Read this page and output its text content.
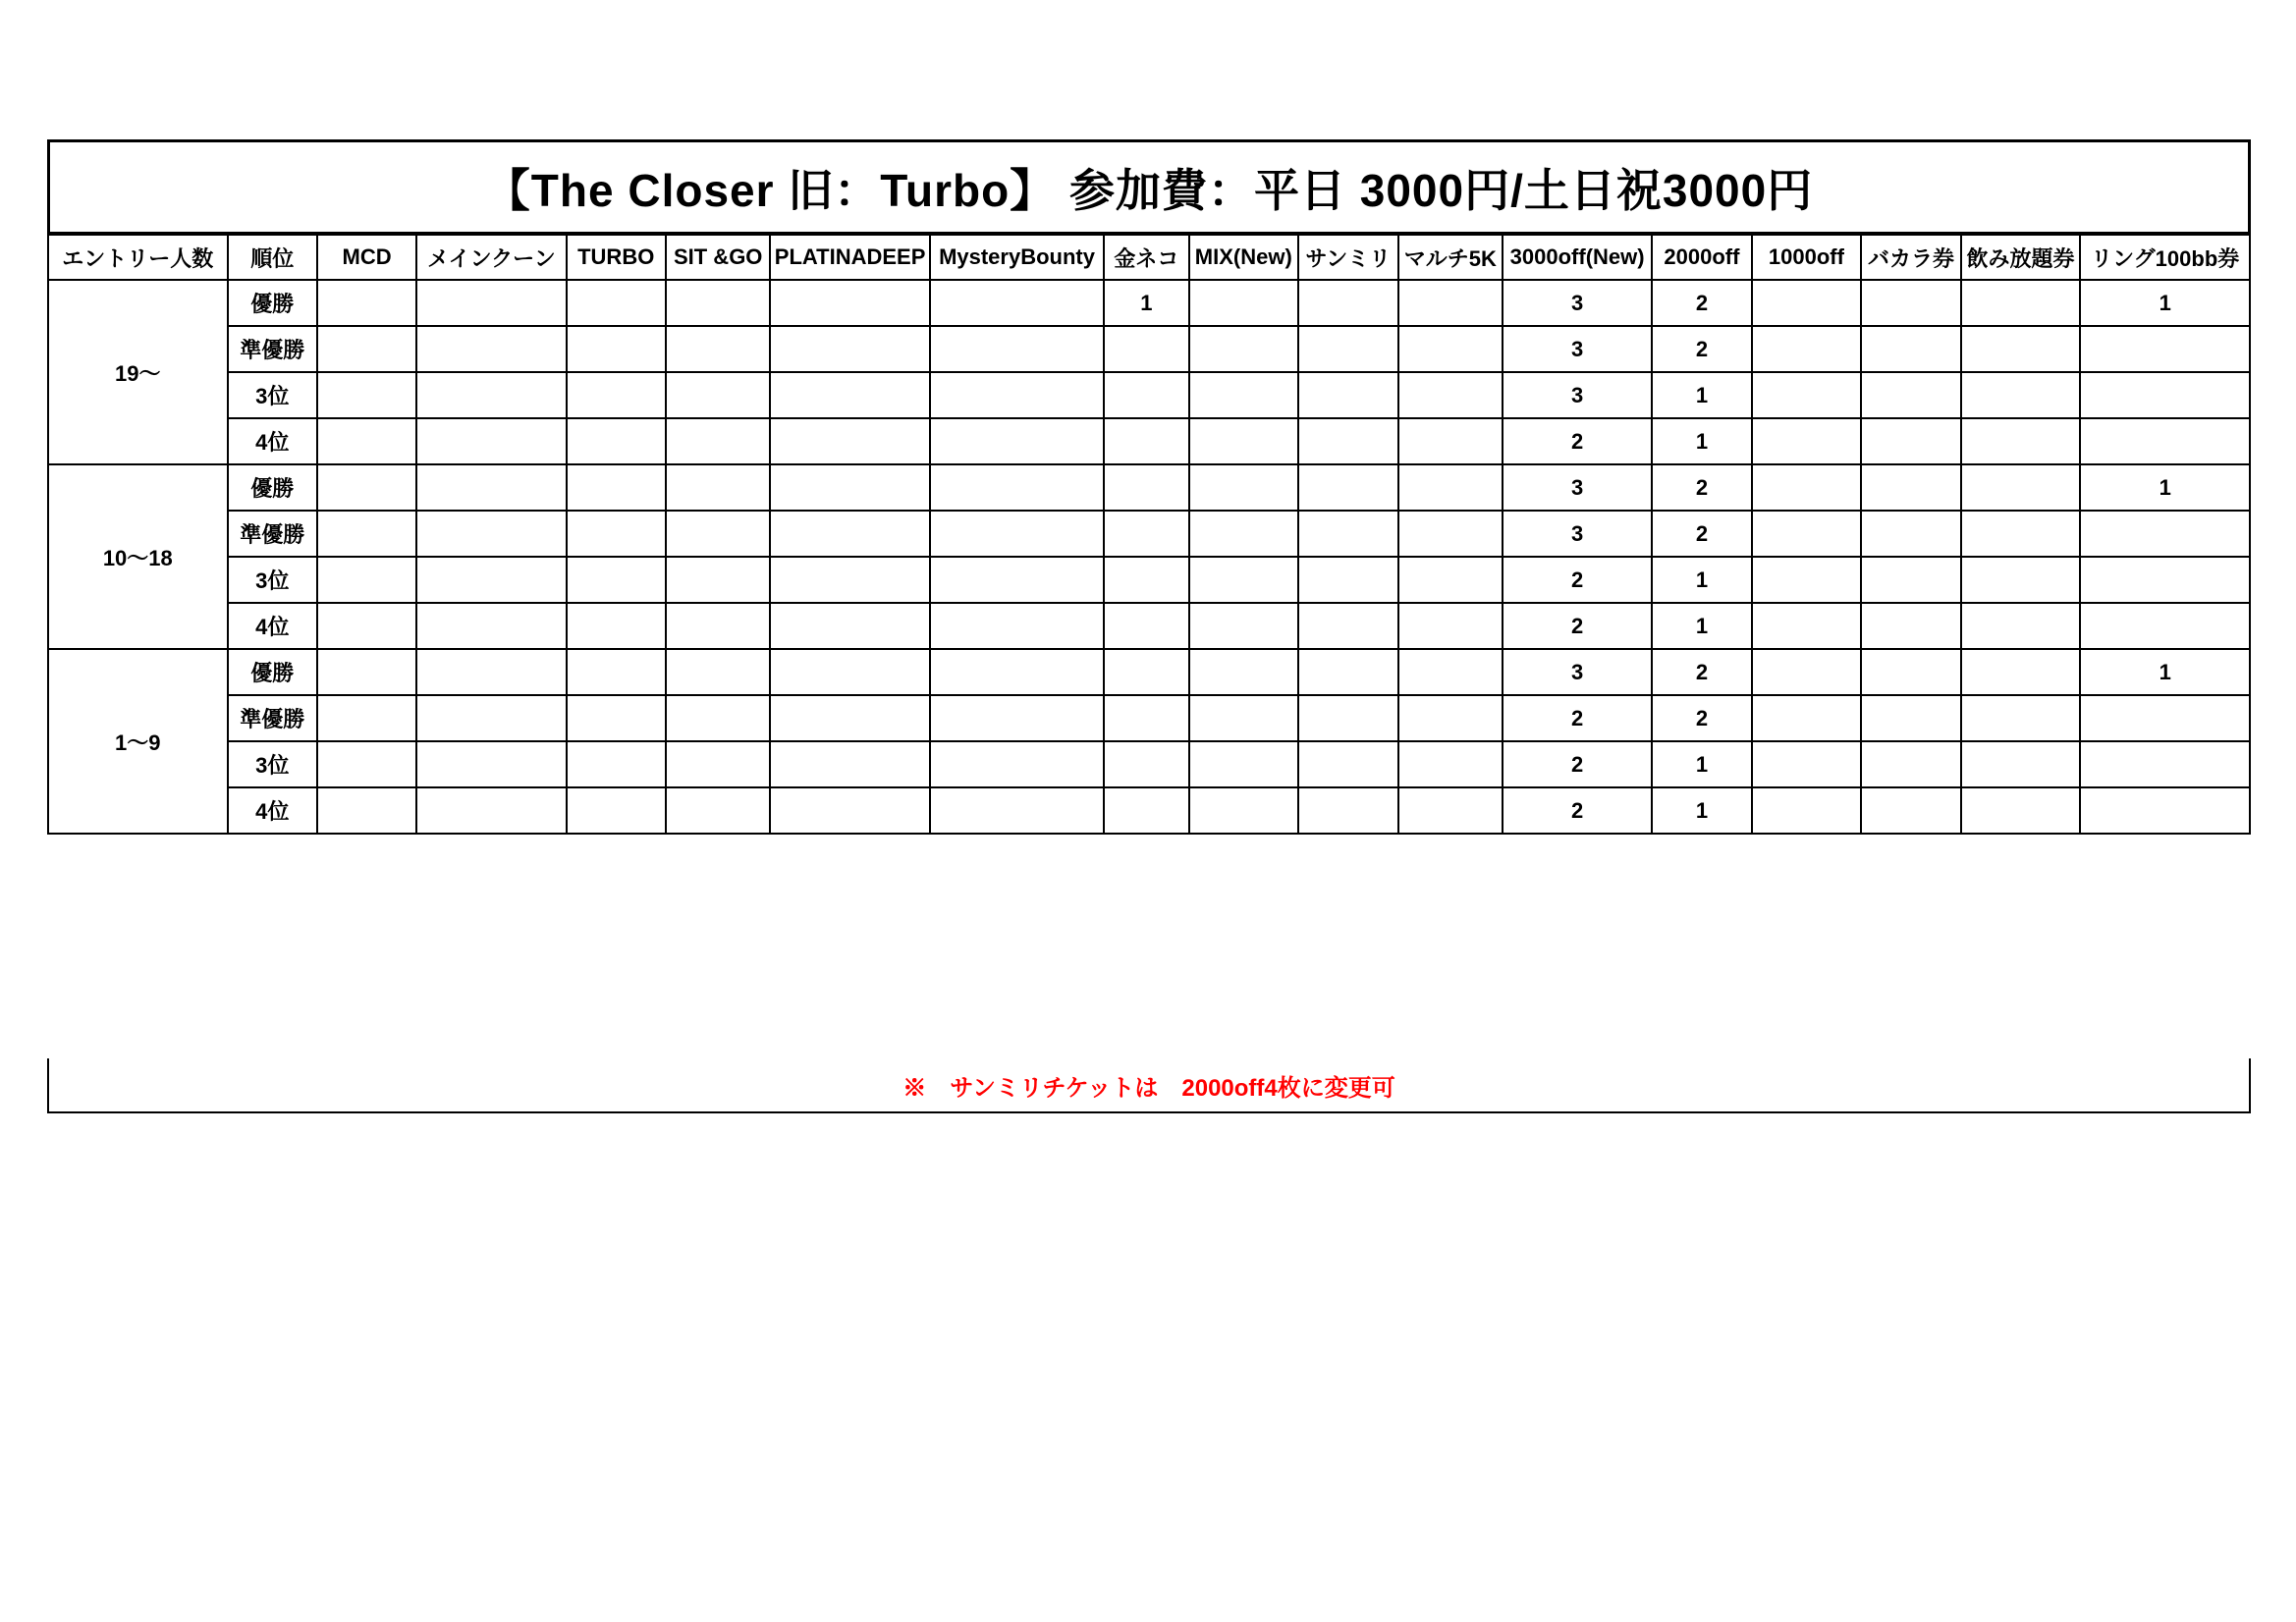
【The Closer 旧：Turbo】 参加費：平日 3000円/土日祝3000円
エントリー人数	順位	MCD	メインクーン	TURBO	SIT &GO	PLATINADEEP	MysteryBounty	金ネコ	MIX(New)	サンミリ	マルチ5K	3000off(New)	2000off	1000off	バカラ券	飲み放題券	リング100bb券
19〜	優勝							1				3	2				1
	準優勝											3	2				
	3位											3	1				
	4位											2	1				
10〜18	優勝											3	2				1
	準優勝											3	2				
	3位											2	1				
	4位											2	1				
1〜9	優勝											3	2				1
	準優勝											2	2				
	3位											2	1				
	4位											2	1				
※　サンミリチケットは　2000off4枚に変更可
